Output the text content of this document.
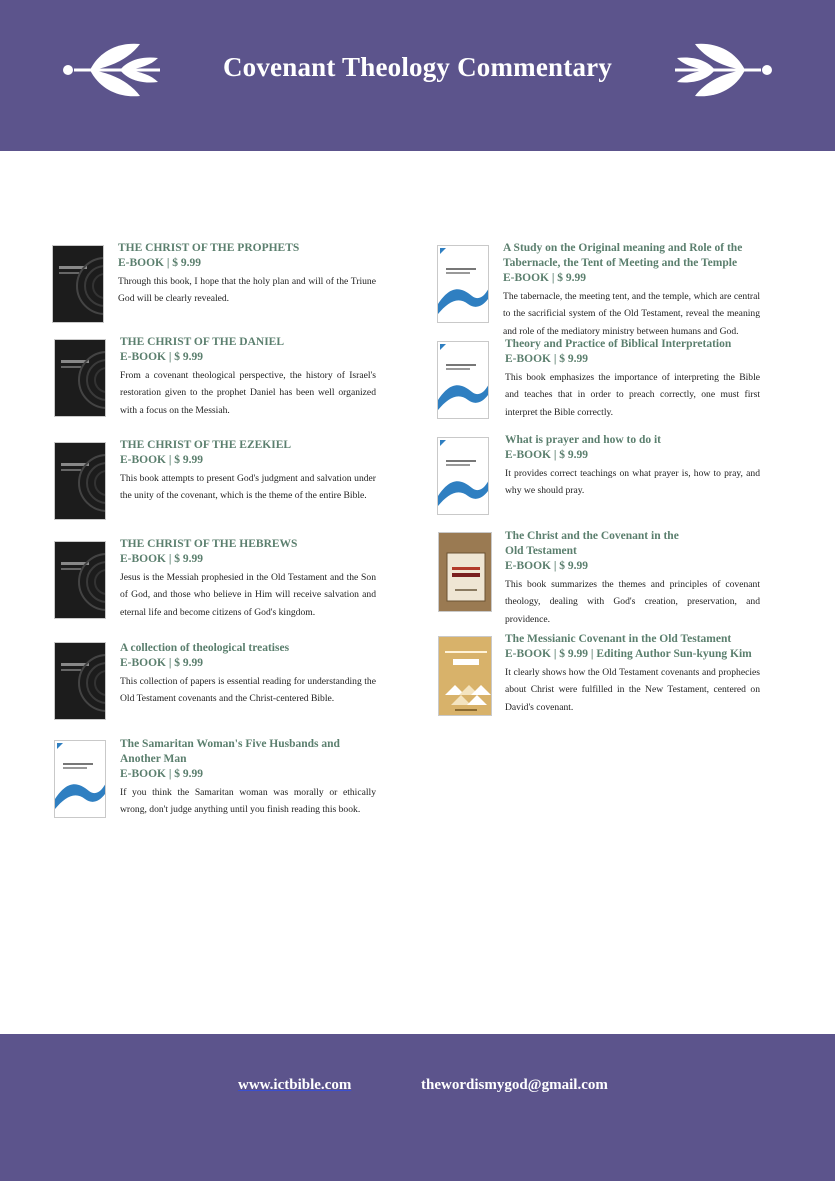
Covenant Theology Commentary
THE CHRIST OF THE PROPHETS
E-BOOK | $ 9.99
Through this book, I hope that the holy plan and will of the Triune God will be clearly revealed.
THE CHRIST OF THE DANIEL
E-BOOK | $ 9.99
From a covenant theological perspective, the history of Israel's restoration given to the prophet Daniel has been well organized with a focus on the Messiah.
THE CHRIST OF THE EZEKIEL
E-BOOK | $ 9.99
This book attempts to present God's judgment and salvation under the unity of the covenant, which is the theme of the entire Bible.
THE CHRIST OF THE HEBREWS
E-BOOK | $ 9.99
Jesus is the Messiah prophesied in the Old Testament and the Son of God, and those who believe in Him will receive salvation and eternal life and become citizens of God's kingdom.
A collection of theological treatises
E-BOOK | $ 9.99
This collection of papers is essential reading for understanding the Old Testament covenants and the Christ-centered Bible.
The Samaritan Woman's Five Husbands and Another Man
E-BOOK | $ 9.99
If you think the Samaritan woman was morally or ethically wrong, don't judge anything until you finish reading this book.
A Study on the Original meaning and Role of the Tabernacle, the Tent of Meeting and the Temple
E-BOOK | $ 9.99
The tabernacle, the meeting tent, and the temple, which are central to the sacrificial system of the Old Testament, reveal the meaning and role of the mediatory ministry between humans and God.
Theory and Practice of Biblical Interpretation
E-BOOK | $ 9.99
This book emphasizes the importance of interpreting the Bible and teaches that in order to preach correctly, one must first interpret the Bible correctly.
What is prayer and how to do it
E-BOOK | $ 9.99
It provides correct teachings on what prayer is, how to pray, and why we should pray.
The Christ and the Covenant in the Old Testament
E-BOOK | $ 9.99
This book summarizes the themes and principles of covenant theology, dealing with God's creation, preservation, and providence.
The Messianic Covenant in the Old Testament
E-BOOK | $ 9.99 | Editing Author Sun-kyung Kim
It clearly shows how the Old Testament covenants and prophecies about Christ were fulfilled in the New Testament, centered on David's covenant.
www.ictbible.com	thewordismygod@gmail.com
